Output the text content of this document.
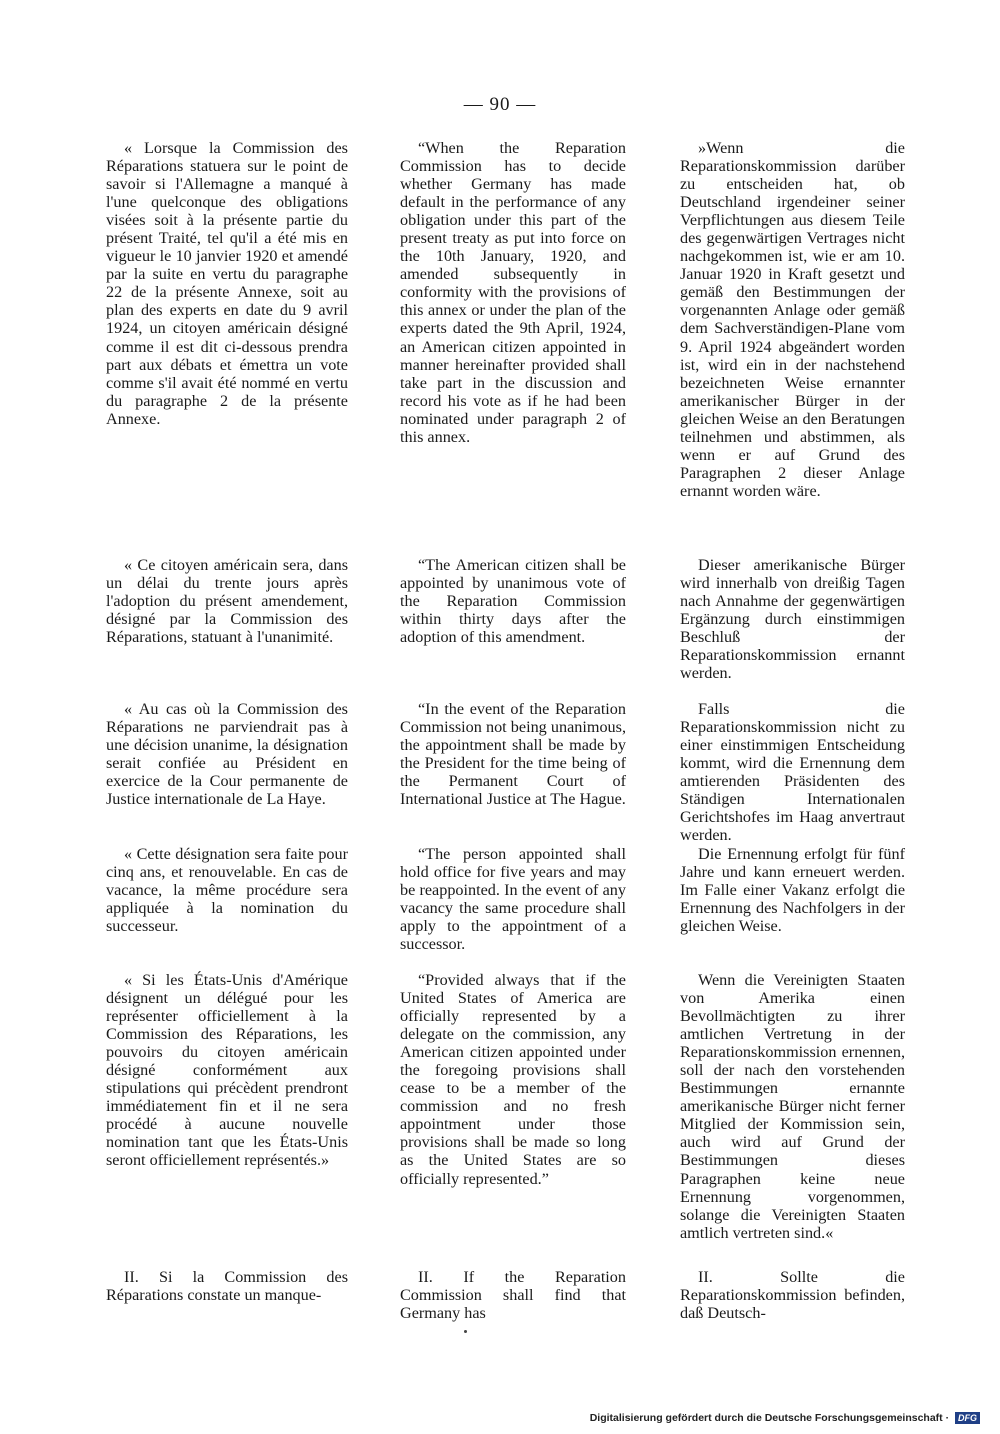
— 90 —

« Lorsque la Commission des Réparations statuera sur le point de savoir si l'Allemagne a manqué à l'une quelconque des obligations visées soit à la présente partie du présent Traité, tel qu'il a été mis en vigueur le 10 janvier 1920 et amendé par la suite en vertu du paragraphe 22 de la présente Annexe, soit au plan des experts en date du 9 avril 1924, un citoyen américain désigné comme il est dit ci-dessous prendra part aux débats et émettra un vote comme s'il avait été nommé en vertu du paragraphe 2 de la présente Annexe.

« Ce citoyen américain sera, dans un délai du trente jours après l'adoption du présent amendement, désigné par la Commission des Réparations, statuant à l'unanimité.

« Au cas où la Commission des Réparations ne parviendrait pas à une décision unanime, la désignation serait confiée au Président en exercice de la Cour permanente de Justice internationale de La Haye.

« Cette désignation sera faite pour cinq ans, et renouvelable. En cas de vacance, la même procédure sera appliquée à la nomination du successeur.

« Si les États-Unis d'Amérique désignent un délégué pour les représenter officiellement à la Commission des Réparations, les pouvoirs du citoyen américain désigné conformément aux stipulations qui précèdent prendront immédiatement fin et il ne sera procédé à aucune nouvelle nomination tant que les États-Unis seront officiellement représentés.»

II. Si la Commission des Réparations constate un manque-

“When the Reparation Commission has to decide whether Germany has made default in the performance of any obligation under this part of the present treaty as put into force on the 10th January, 1920, and amended subsequently in conformity with the provisions of this annex or under the plan of the experts dated the 9th April, 1924, an American citizen appointed in manner hereinafter provided shall take part in the discussion and record his vote as if he had been nominated under paragraph 2 of this annex.

“The American citizen shall be appointed by unanimous vote of the Reparation Commission within thirty days after the adoption of this amendment.

“In the event of the Reparation Commission not being unanimous, the appointment shall be made by the President for the time being of the Permanent Court of International Justice at The Hague.

“The person appointed shall hold office for five years and may be reappointed. In the event of any vacancy the same procedure shall apply to the appointment of a successor.

“Provided always that if the United States of America are officially represented by a delegate on the commission, any American citizen appointed under the foregoing provisions shall cease to be a member of the commission and no fresh appointment under those provisions shall be made so long as the United States are so officially represented.”

II. If the Reparation Commission shall find that Germany has

»Wenn die Reparationskommission darüber zu entscheiden hat, ob Deutschland irgendeiner seiner Verpflichtungen aus diesem Teile des gegenwärtigen Vertrages nicht nachgekommen ist, wie er am 10. Januar 1920 in Kraft gesetzt und gemäß den Bestimmungen der vorgenannten Anlage oder gemäß dem Sachverständigen-Plane vom 9. April 1924 abgeändert worden ist, wird ein in der nachstehend bezeichneten Weise ernannter amerikanischer Bürger in der gleichen Weise an den Beratungen teilnehmen und abstimmen, als wenn er auf Grund des Paragraphen 2 dieser Anlage ernannt worden wäre.

Dieser amerikanische Bürger wird innerhalb von dreißig Tagen nach Annahme der gegenwärtigen Ergänzung durch einstimmigen Beschluß der Reparationskommission ernannt werden.

Falls die Reparationskommission nicht zu einer einstimmigen Entscheidung kommt, wird die Ernennung dem amtierenden Präsidenten des Ständigen Internationalen Gerichtshofes im Haag anvertraut werden.

Die Ernennung erfolgt für fünf Jahre und kann erneuert werden. Im Falle einer Vakanz erfolgt die Ernennung des Nachfolgers in der gleichen Weise.

Wenn die Vereinigten Staaten von Amerika einen Bevollmächtigten zu ihrer amtlichen Vertretung in der Reparationskommission ernennen, soll der nach den vorstehenden Bestimmungen ernannte amerikanische Bürger nicht ferner Mitglied der Kommission sein, auch wird auf Grund der Bestimmungen dieses Paragraphen keine neue Ernennung vorgenommen, solange die Vereinigten Staaten amtlich vertreten sind.«

II. Sollte die Reparationskommission befinden, daß Deutsch-

Digitalisierung gefördert durch die Deutsche Forschungsgemeinschaft · DFG
